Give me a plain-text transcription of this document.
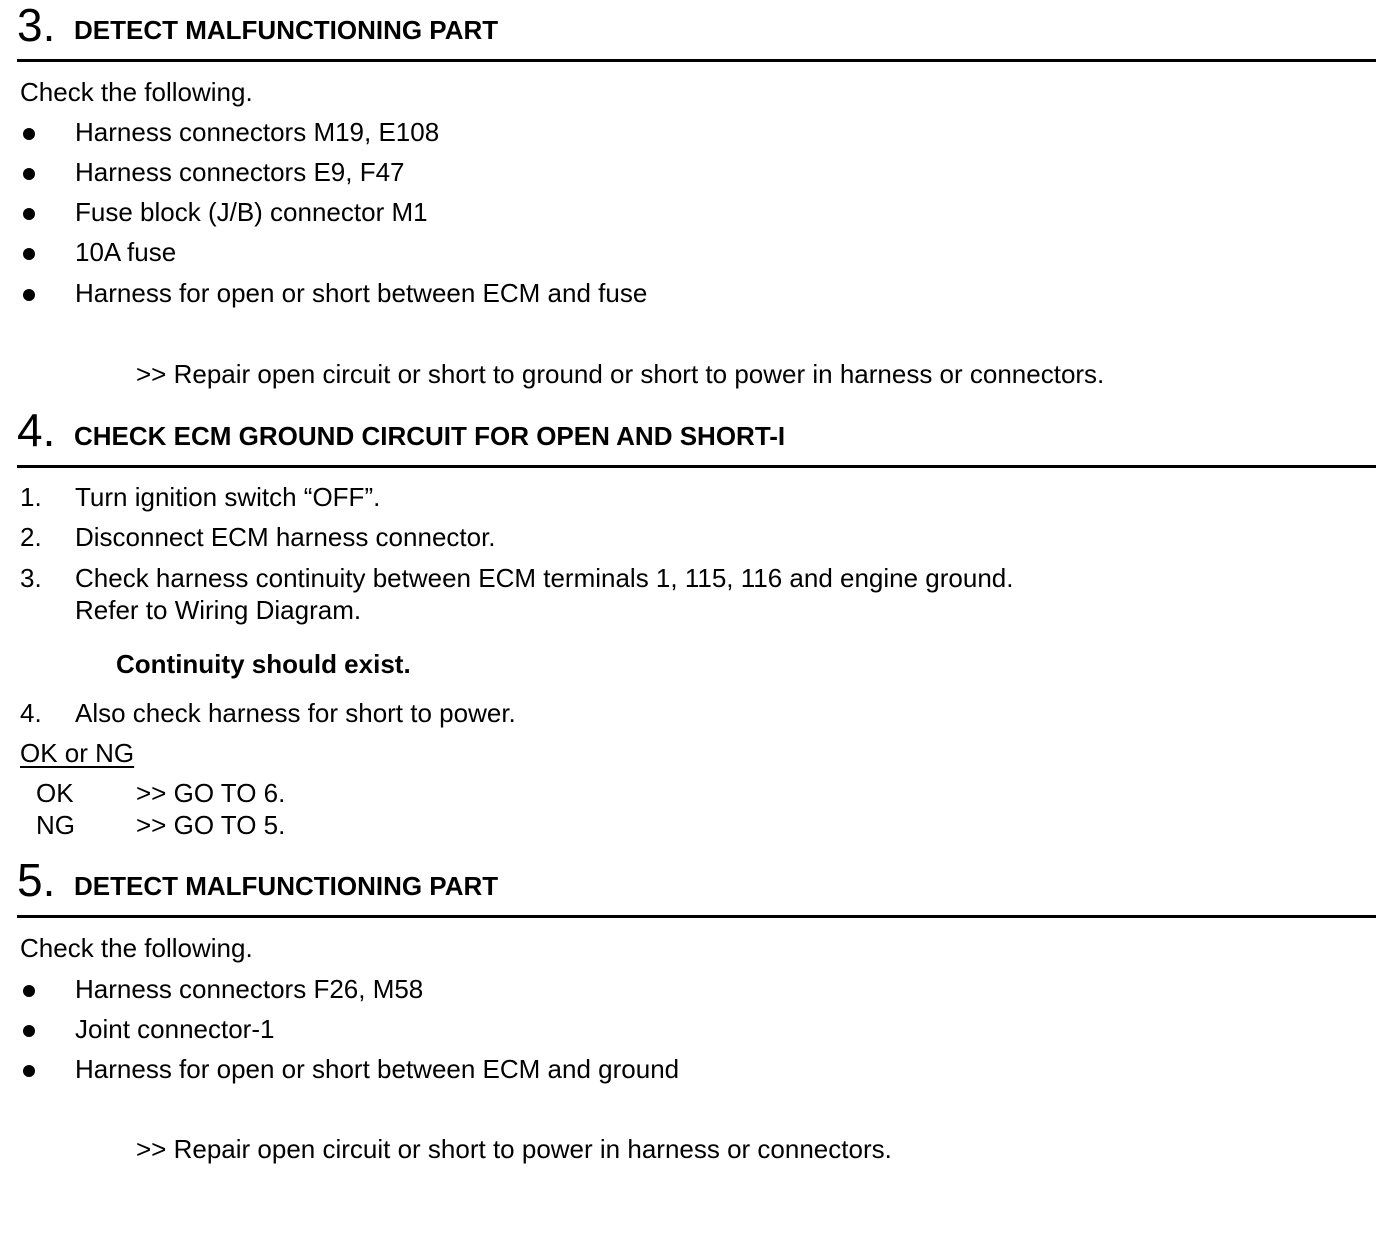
3. DETECT MALFUNCTIONING PART
Check the following.
Harness connectors M19, E108
Harness connectors E9, F47
Fuse block (J/B) connector M1
10A fuse
Harness for open or short between ECM and fuse
>> Repair open circuit or short to ground or short to power in harness or connectors.
4. CHECK ECM GROUND CIRCUIT FOR OPEN AND SHORT-I
1. Turn ignition switch “OFF”.
2. Disconnect ECM harness connector.
3. Check harness continuity between ECM terminals 1, 115, 116 and engine ground.
Refer to Wiring Diagram.
Continuity should exist.
4. Also check harness for short to power.
OK or NG
OK >> GO TO 6.
NG >> GO TO 5.
5. DETECT MALFUNCTIONING PART
Check the following.
Harness connectors F26, M58
Joint connector-1
Harness for open or short between ECM and ground
>> Repair open circuit or short to power in harness or connectors.
